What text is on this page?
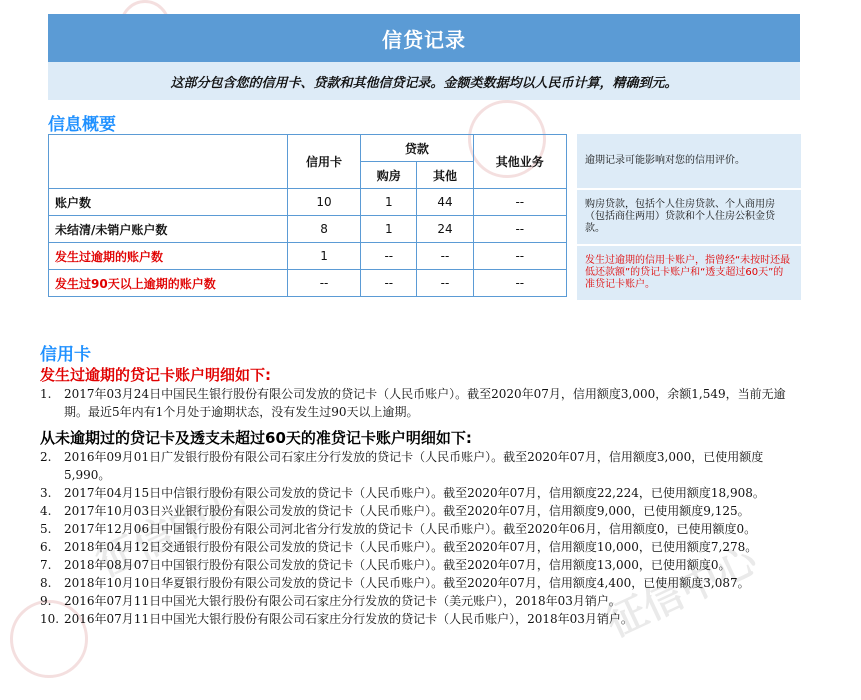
征信中心
征信中心
信贷记录
这部分包含您的信用卡、贷款和其他信贷记录。金额类数据均以人民币计算，精确到元。
信息概要
	信用卡	贷款		其他业务
		购房	其他	
账户数	10	1	44	--
未结清/未销户账户数	8	1	24	--
发生过逾期的账户数	1	--	--	--
发生过90天以上逾期的账户数	--	--	--	--
逾期记录可能影响对您的信用评价。
购房贷款，包括个人住房贷款、个人商用房（包括商住两用）贷款和个人住房公积金贷款。
发生过逾期的信用卡账户，指曾经“未按时还最低还款额”的贷记卡账户和“透支超过60天”的准贷记卡账户。
信用卡
发生过逾期的贷记卡账户明细如下:
1.	2017年03月24日中国民生银行股份有限公司发放的贷记卡（人民币账户）。截至2020年07月，信用额度3,000，余额1,549，当前无逾期。最近5年内有1个月处于逾期状态，没有发生过90天以上逾期。
从未逾期过的贷记卡及透支未超过60天的准贷记卡账户明细如下:
2.	2016年09月01日广发银行股份有限公司石家庄分行发放的贷记卡（人民币账户）。截至2020年07月，信用额度3,000，已使用额度5,990。
3.	2017年04月15日中信银行股份有限公司发放的贷记卡（人民币账户）。截至2020年07月，信用额度22,224，已使用额度18,908。
4.	2017年10月03日兴业银行股份有限公司发放的贷记卡（人民币账户）。截至2020年07月，信用额度9,000，已使用额度9,125。
5.	2017年12月06日中国银行股份有限公司河北省分行发放的贷记卡（人民币账户）。截至2020年06月，信用额度0，已使用额度0。
6.	2018年04月12日交通银行股份有限公司发放的贷记卡（人民币账户）。截至2020年07月，信用额度10,000，已使用额度7,278。
7.	2018年08月07日中国银行股份有限公司发放的贷记卡（人民币账户）。截至2020年07月，信用额度13,000，已使用额度0。
8.	2018年10月10日华夏银行股份有限公司发放的贷记卡（人民币账户）。截至2020年07月，信用额度4,400，已使用额度3,087。
9.	2016年07月11日中国光大银行股份有限公司石家庄分行发放的贷记卡（美元账户），2018年03月销户。
10. 2016年07月11日中国光大银行股份有限公司石家庄分行发放的贷记卡（人民币账户），2018年03月销户。
